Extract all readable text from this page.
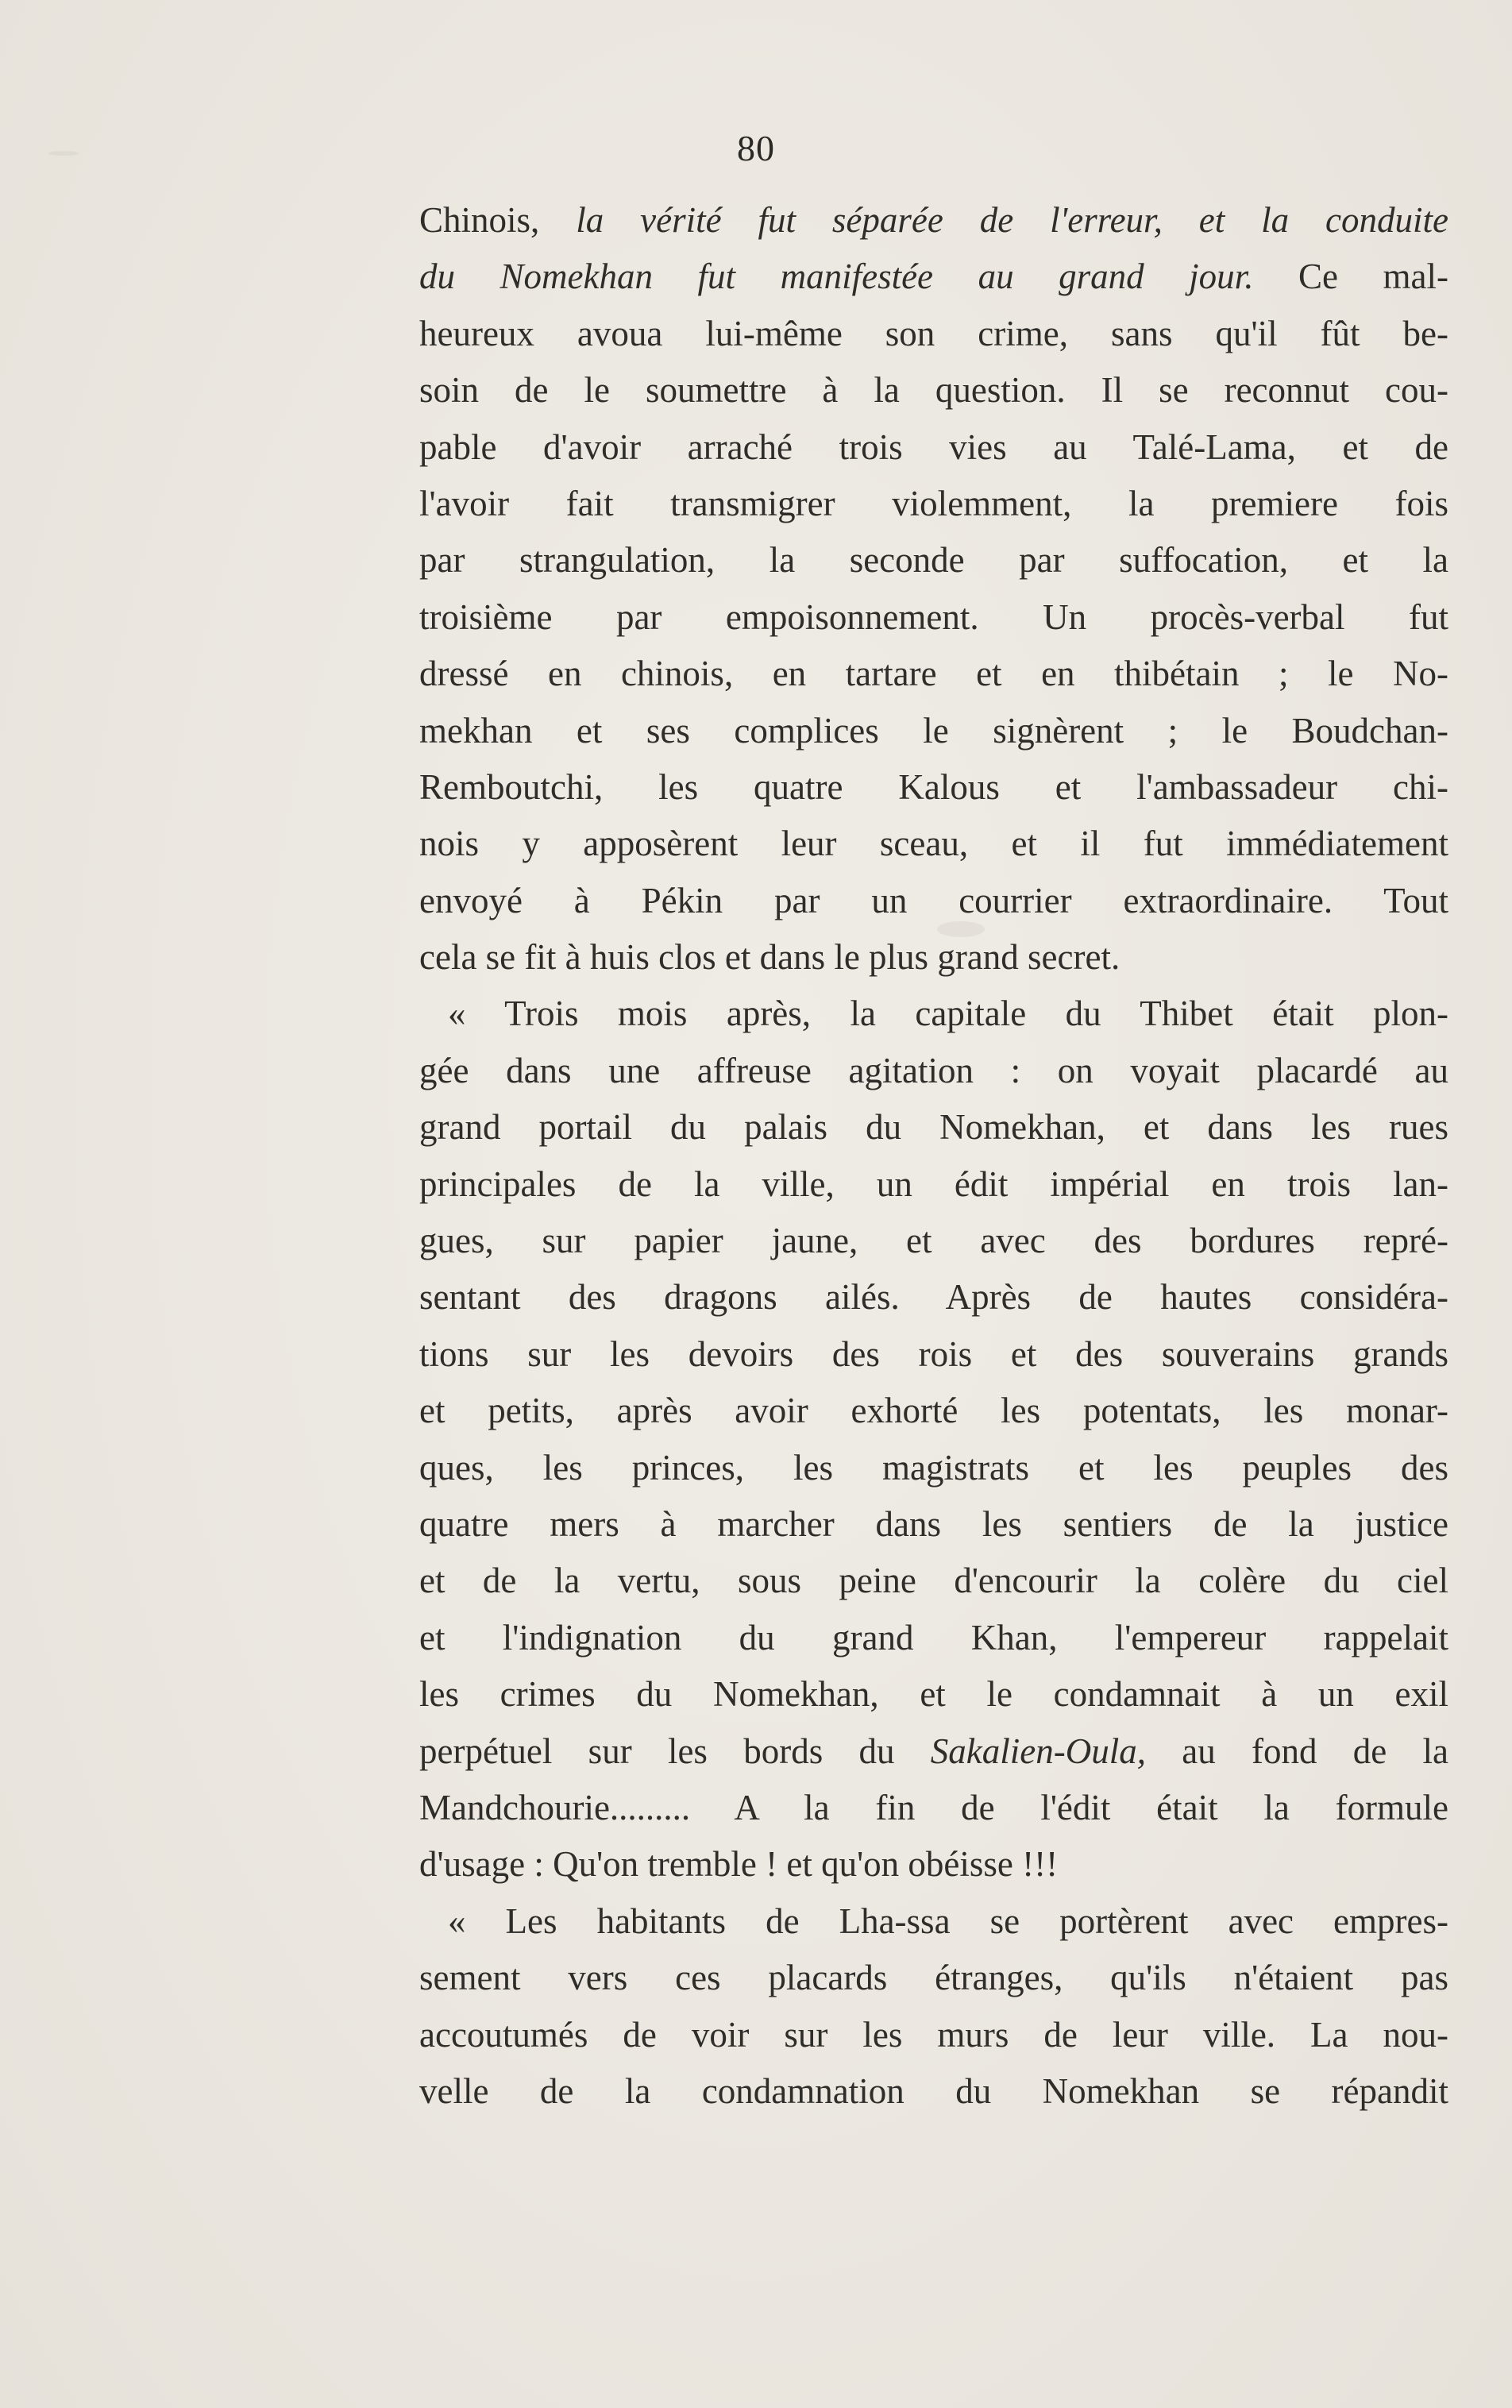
80
Chinois, la vérité fut séparée de l'erreur, et la conduite
du Nomekhan fut manifestée au grand jour. Ce mal-
heureux avoua lui-même son crime, sans qu'il fût be-
soin de le soumettre à la question. Il se reconnut cou-
pable d'avoir arraché trois vies au Talé-Lama, et de
l'avoir fait transmigrer violemment, la premiere fois
par strangulation, la seconde par suffocation, et la
troisième par empoisonnement. Un procès-verbal fut
dressé en chinois, en tartare et en thibétain ; le No-
mekhan et ses complices le signèrent ; le Boudchan-
Remboutchi, les quatre Kalous et l'ambassadeur chi-
nois y apposèrent leur sceau, et il fut immédiatement
envoyé à Pékin par un courrier extraordinaire. Tout
cela se fit à huis clos et dans le plus grand secret.
« Trois mois après, la capitale du Thibet était plon-
gée dans une affreuse agitation : on voyait placardé au
grand portail du palais du Nomekhan, et dans les rues
principales de la ville, un édit impérial en trois lan-
gues, sur papier jaune, et avec des bordures repré-
sentant des dragons ailés. Après de hautes considéra-
tions sur les devoirs des rois et des souverains grands
et petits, après avoir exhorté les potentats, les monar-
ques, les princes, les magistrats et les peuples des
quatre mers à marcher dans les sentiers de la justice
et de la vertu, sous peine d'encourir la colère du ciel
et l'indignation du grand Khan, l'empereur rappelait
les crimes du Nomekhan, et le condamnait à un exil
perpétuel sur les bords du Sakalien-Oula, au fond de la
Mandchourie......... A la fin de l'édit était la formule
d'usage : Qu'on tremble ! et qu'on obéisse !!!
« Les habitants de Lha-ssa se portèrent avec empres-
sement vers ces placards étranges, qu'ils n'étaient pas
accoutumés de voir sur les murs de leur ville. La nou-
velle de la condamnation du Nomekhan se répandit
